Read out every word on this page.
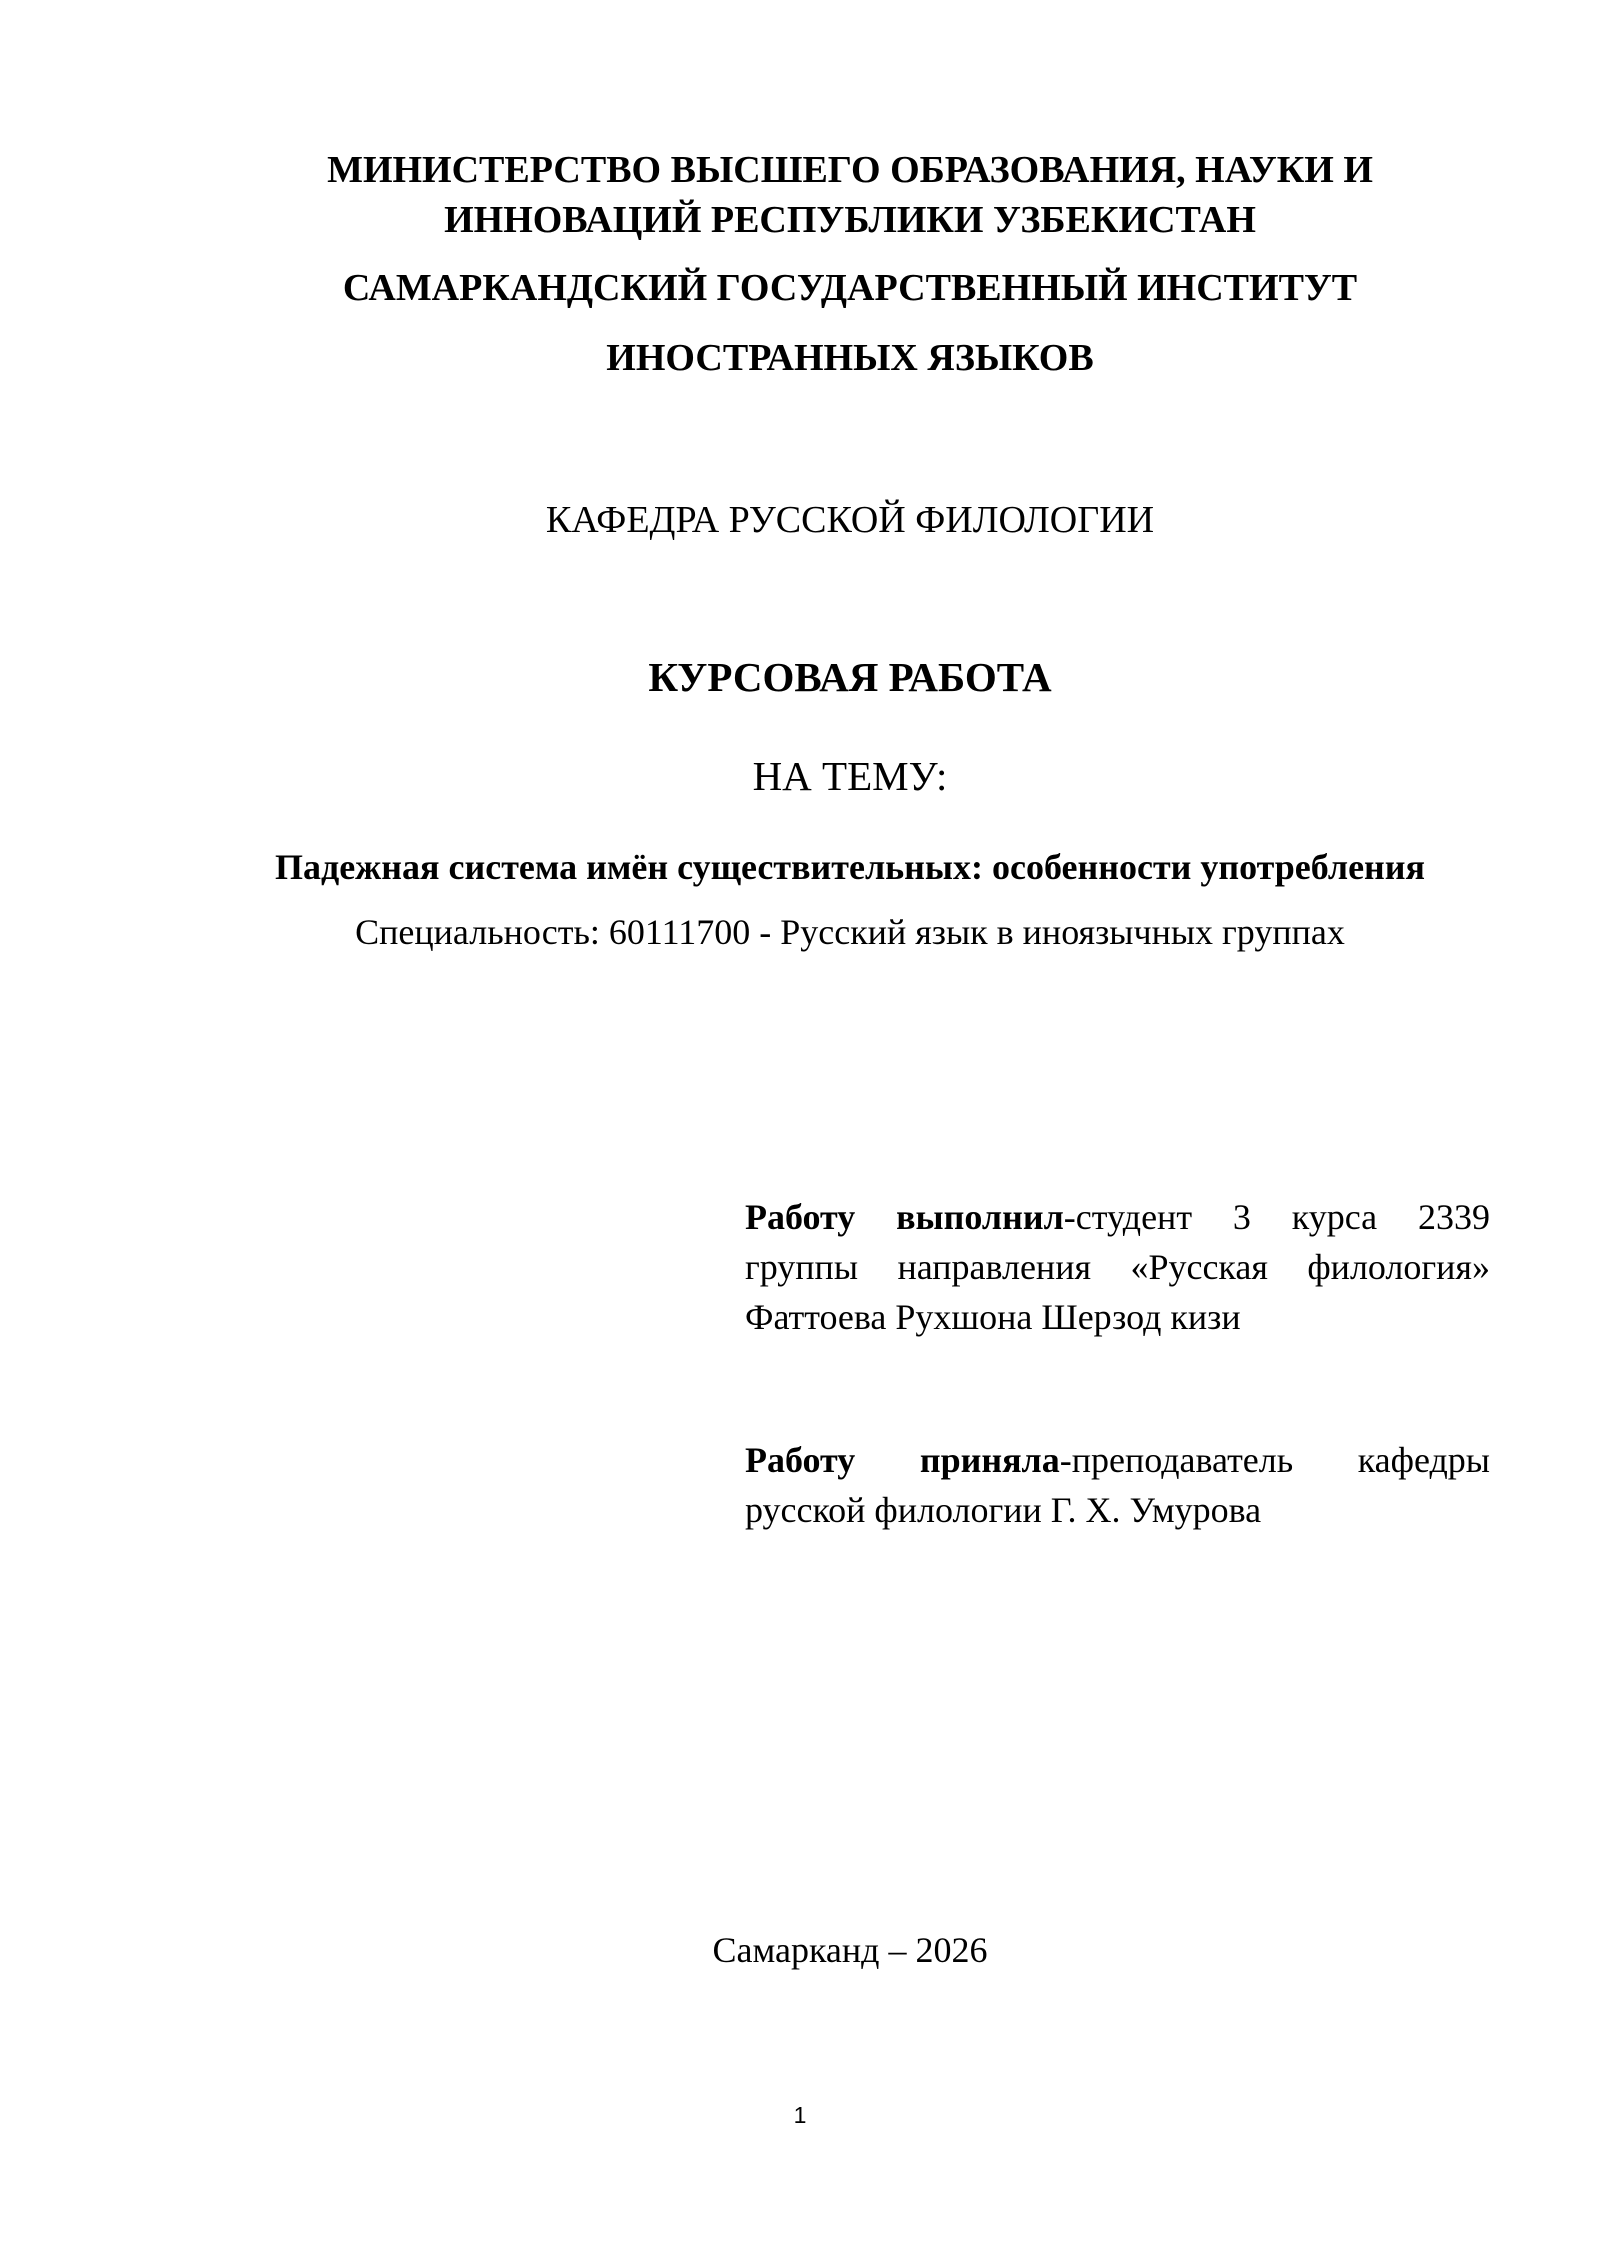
МИНИСТЕРСТВО ВЫСШЕГО ОБРАЗОВАНИЯ, НАУКИ И
ИННОВАЦИЙ РЕСПУБЛИКИ УЗБЕКИСТАН
САМАРКАНДСКИЙ ГОСУДАРСТВЕННЫЙ ИНСТИТУТ
ИНОСТРАННЫХ ЯЗЫКОВ
КАФЕДРА РУССКОЙ ФИЛОЛОГИИ
КУРСОВАЯ РАБОТА
НА ТЕМУ:
Падежная система имён существительных: особенности употребления
Специальность: 60111700 - Русский язык в иноязычных группах
Работу выполнил-студент 3 курса 2339
группы направления «Русская филология»
Фаттоева Рухшона Шерзод кизи
Работу приняла-преподаватель кафедры
русской филологии Г. Х. Умурова
Самарканд – 2026
1
